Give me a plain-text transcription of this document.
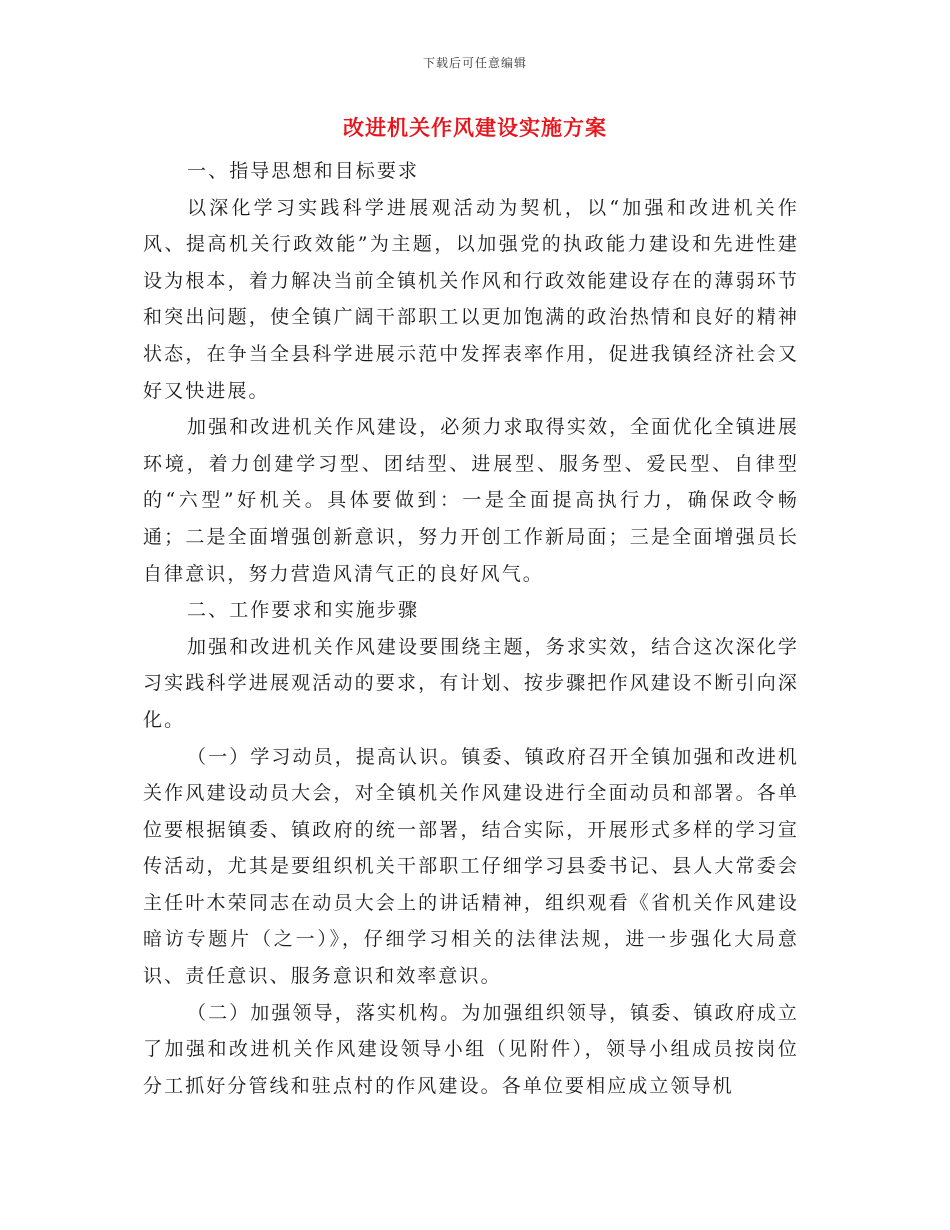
下载后可任意编辑
改进机关作风建设实施方案

一、指导思想和目标要求

以深化学习实践科学进展观活动为契机，以“加强和改进机关作风、提高机关行政效能”为主题，以加强党的执政能力建设和先进性建设为根本，着力解决当前全镇机关作风和行政效能建设存在的薄弱环节和突出问题，使全镇广阔干部职工以更加饱满的政治热情和良好的精神状态，在争当全县科学进展示范中发挥表率作用，促进我镇经济社会又好又快进展。

加强和改进机关作风建设，必须力求取得实效，全面优化全镇进展环境，着力创建学习型、团结型、进展型、服务型、爱民型、自律型的“六型”好机关。具体要做到：一是全面提高执行力，确保政令畅通；二是全面增强创新意识，努力开创工作新局面；三是全面增强员长自律意识，努力营造风清气正的良好风气。

二、工作要求和实施步骤

加强和改进机关作风建设要围绕主题，务求实效，结合这次深化学习实践科学进展观活动的要求，有计划、按步骤把作风建设不断引向深化。

（一）学习动员，提高认识。镇委、镇政府召开全镇加强和改进机关作风建设动员大会，对全镇机关作风建设进行全面动员和部署。各单位要根据镇委、镇政府的统一部署，结合实际，开展形式多样的学习宣传活动，尤其是要组织机关干部职工仔细学习县委书记、县人大常委会主任叶木荣同志在动员大会上的讲话精神，组织观看《省机关作风建设暗访专题片（之一）》，仔细学习相关的法律法规，进一步强化大局意识、责任意识、服务意识和效率意识。

（二）加强领导，落实机构。为加强组织领导，镇委、镇政府成立了加强和改进机关作风建设领导小组（见附件），领导小组成员按岗位分工抓好分管线和驻点村的作风建设。各单位要相应成立领导机
